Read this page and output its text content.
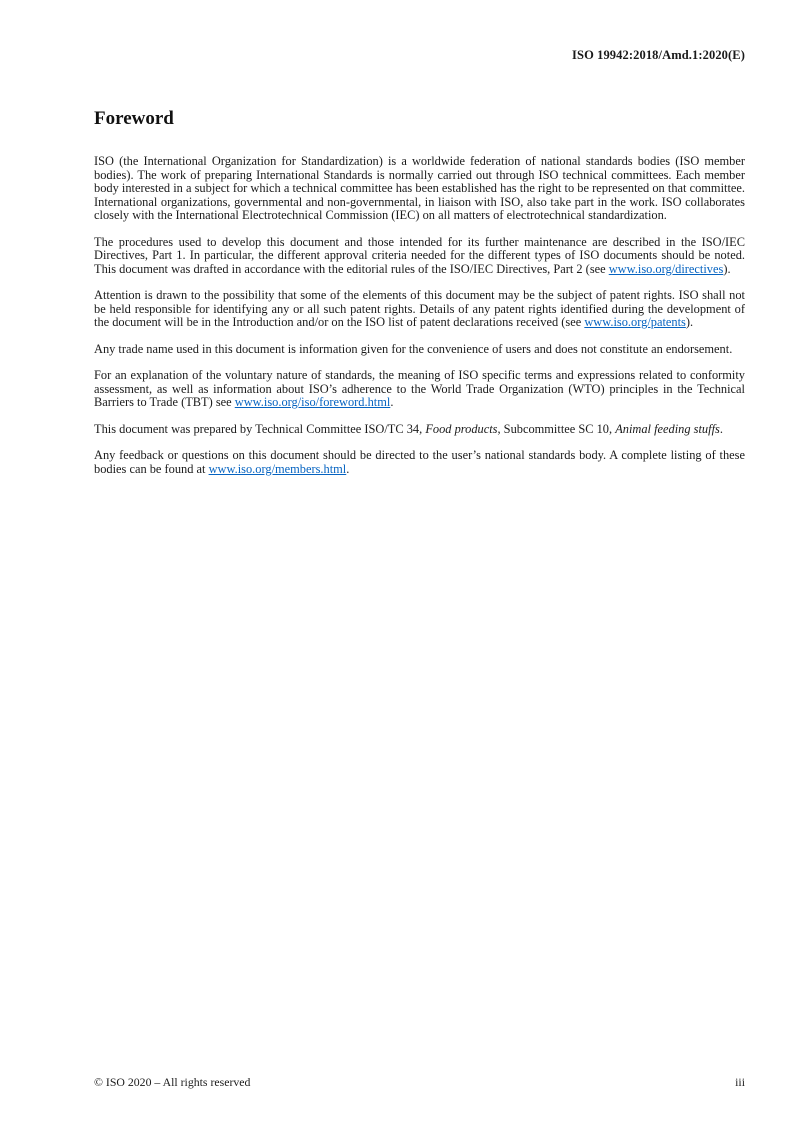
ISO 19942:2018/Amd.1:2020(E)
Foreword

ISO (the International Organization for Standardization) is a worldwide federation of national standards bodies (ISO member bodies). The work of preparing International Standards is normally carried out through ISO technical committees. Each member body interested in a subject for which a technical committee has been established has the right to be represented on that committee. International organizations, governmental and non-governmental, in liaison with ISO, also take part in the work. ISO collaborates closely with the International Electrotechnical Commission (IEC) on all matters of electrotechnical standardization.

The procedures used to develop this document and those intended for its further maintenance are described in the ISO/IEC Directives, Part 1. In particular, the different approval criteria needed for the different types of ISO documents should be noted. This document was drafted in accordance with the editorial rules of the ISO/IEC Directives, Part 2 (see www.iso.org/directives).

Attention is drawn to the possibility that some of the elements of this document may be the subject of patent rights. ISO shall not be held responsible for identifying any or all such patent rights. Details of any patent rights identified during the development of the document will be in the Introduction and/or on the ISO list of patent declarations received (see www.iso.org/patents).

Any trade name used in this document is information given for the convenience of users and does not constitute an endorsement.

For an explanation of the voluntary nature of standards, the meaning of ISO specific terms and expressions related to conformity assessment, as well as information about ISO’s adherence to the World Trade Organization (WTO) principles in the Technical Barriers to Trade (TBT) see www.iso.org/iso/foreword.html.

This document was prepared by Technical Committee ISO/TC 34, Food products, Subcommittee SC 10, Animal feeding stuffs.

Any feedback or questions on this document should be directed to the user’s national standards body. A complete listing of these bodies can be found at www.iso.org/members.html.

© ISO 2020 – All rights reserved	iii
